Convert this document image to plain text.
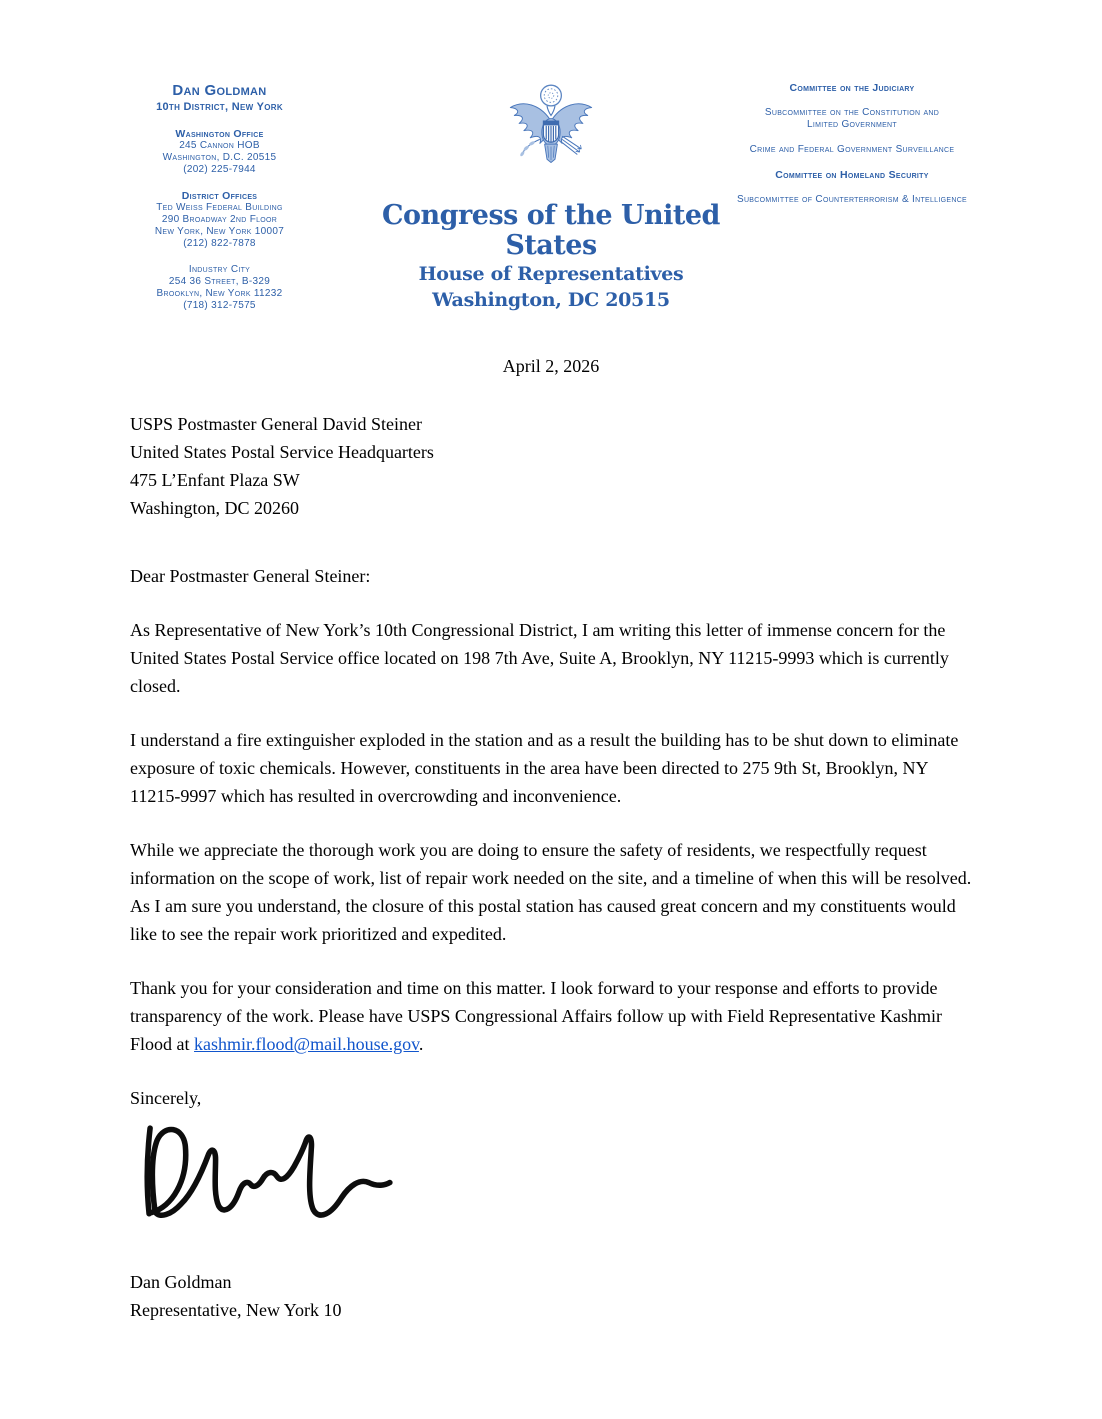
Dan Goldman
10th District, New York
Washington Office
245 Cannon HOB
Washington, D.C. 20515
(202) 225-7944
District Offices
Ted Weiss Federal Building
290 Broadway 2nd Floor
New York, New York 10007
(212) 822-7878
Industry City
254 36 Street, B-329
Brooklyn, New York 11232
(718) 312-7575
Congress of the United States
House of Representatives
Washington, DC 20515
Committee on the Judiciary
Subcommittee on the Constitution and
Limited Government
Crime and Federal Government Surveillance
Committee on Homeland Security
Subcommittee of Counterterrorism & Intelligence
April 2, 2026
USPS Postmaster General David Steiner
United States Postal Service Headquarters
475 L’Enfant Plaza SW
Washington, DC 20260
Dear Postmaster General Steiner:

As Representative of New York’s 10th Congressional District, I am writing this letter of immense concern for the United States Postal Service office located on 198 7th Ave, Suite A, Brooklyn, NY 11215-9993 which is currently closed.

I understand a fire extinguisher exploded in the station and as a result the building has to be shut down to eliminate exposure of toxic chemicals. However, constituents in the area have been directed to 275 9th St, Brooklyn, NY 11215-9997 which has resulted in overcrowding and inconvenience.

While we appreciate the thorough work you are doing to ensure the safety of residents, we respectfully request information on the scope of work, list of repair work needed on the site, and a timeline of when this will be resolved. As I am sure you understand, the closure of this postal station has caused great concern and my constituents would like to see the repair work prioritized and expedited.

Thank you for your consideration and time on this matter. I look forward to your response and efforts to provide transparency of the work. Please have USPS Congressional Affairs follow up with Field Representative Kashmir Flood at kashmir.flood@mail.house.gov.

Sincerely,
Dan Goldman
Representative, New York 10
